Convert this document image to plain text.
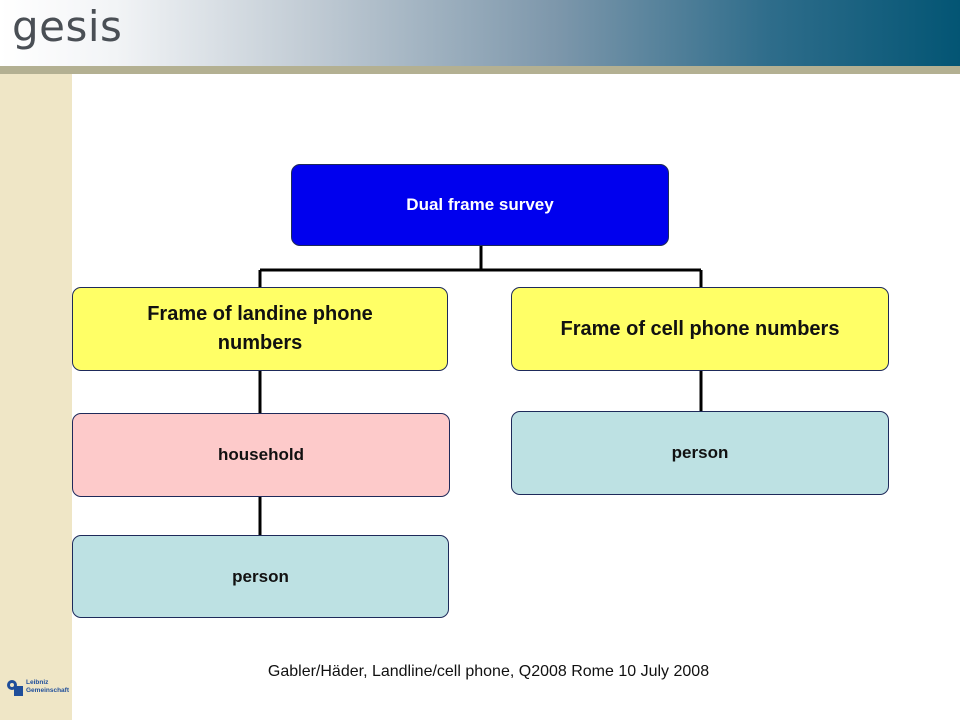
gesis
Leibniz
Gemeinschaft
Dual frame survey
Frame of landine phone numbers
Frame of cell phone numbers
household	person
person
Gabler/Häder, Landline/cell phone, Q2008 Rome 10 July 2008
